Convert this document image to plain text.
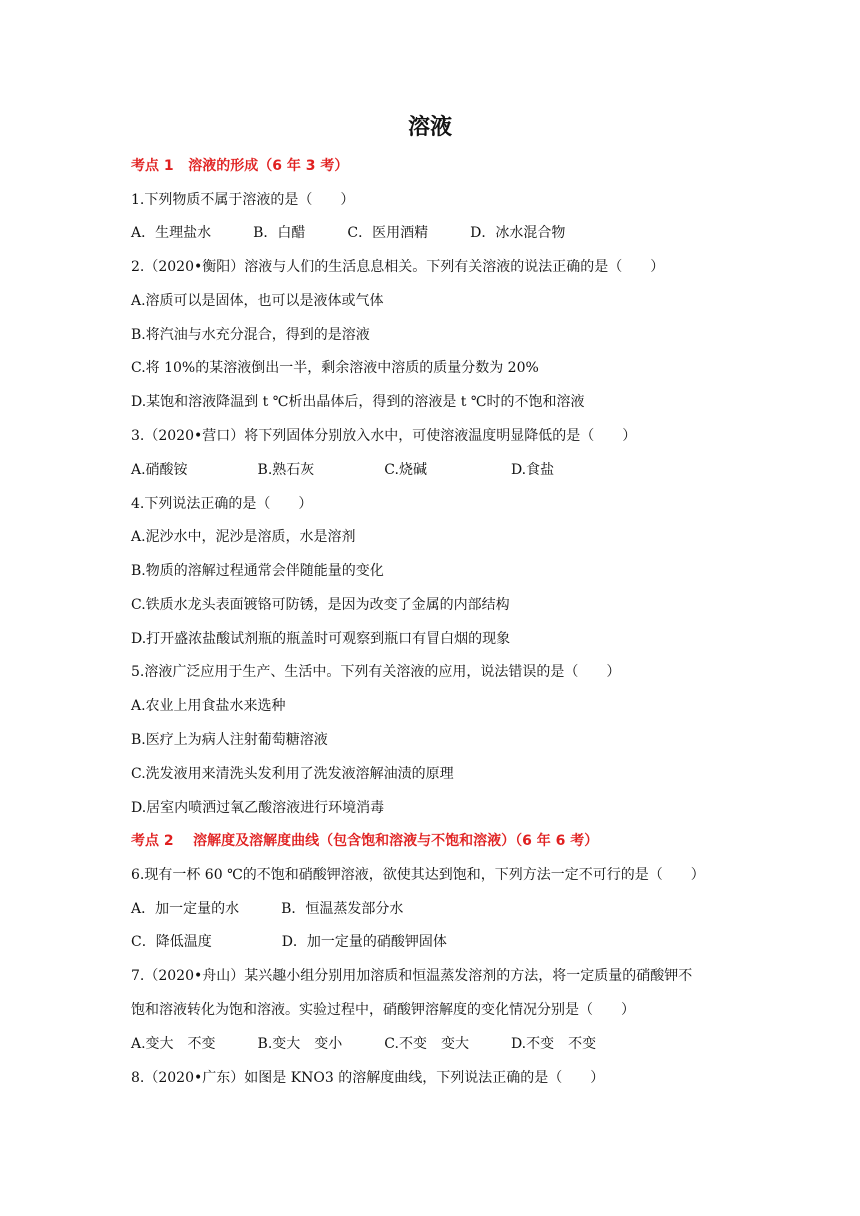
溶液
考点 1   溶液的形成（6 年 3 考）
1.下列物质不属于溶液的是（　　）
A．生理盐水　　　B．白醋　　　C．医用酒精　　　D．冰水混合物
2.（2020•衡阳）溶液与人们的生活息息相关。下列有关溶液的说法正确的是（　　）
A.溶质可以是固体，也可以是液体或气体
B.将汽油与水充分混合，得到的是溶液
C.将 10%的某溶液倒出一半，剩余溶液中溶质的质量分数为 20%
D.某饱和溶液降温到 t ℃析出晶体后，得到的溶液是 t ℃时的不饱和溶液
3.（2020•营口）将下列固体分别放入水中，可使溶液温度明显降低的是（　　）
A.硝酸铵　　　　　B.熟石灰　　　　　C.烧碱　　　　　　D.食盐
4.下列说法正确的是（　　）
A.泥沙水中，泥沙是溶质，水是溶剂
B.物质的溶解过程通常会伴随能量的变化
C.铁质水龙头表面镀铬可防锈，是因为改变了金属的内部结构
D.打开盛浓盐酸试剂瓶的瓶盖时可观察到瓶口有冒白烟的现象
5.溶液广泛应用于生产、生活中。下列有关溶液的应用，说法错误的是（　　）
A.农业上用食盐水来选种
B.医疗上为病人注射葡萄糖溶液
C.洗发液用来清洗头发利用了洗发液溶解油渍的原理
D.居室内喷洒过氧乙酸溶液进行环境消毒
考点 2    溶解度及溶解度曲线（包含饱和溶液与不饱和溶液）（6 年 6 考）
6.现有一杯 60 ℃的不饱和硝酸钾溶液，欲使其达到饱和，下列方法一定不可行的是（　　）
A．加一定量的水　　　B．恒温蒸发部分水
C．降低温度　　　　　D．加一定量的硝酸钾固体
7.（2020•舟山）某兴趣小组分别用加溶质和恒温蒸发溶剂的方法，将一定质量的硝酸钾不
饱和溶液转化为饱和溶液。实验过程中，硝酸钾溶解度的变化情况分别是（　　）
A.变大　不变　　　B.变大　变小　　　C.不变　变大　　　D.不变　不变
8.（2020•广东）如图是 KNO3 的溶解度曲线，下列说法正确的是（　　）
